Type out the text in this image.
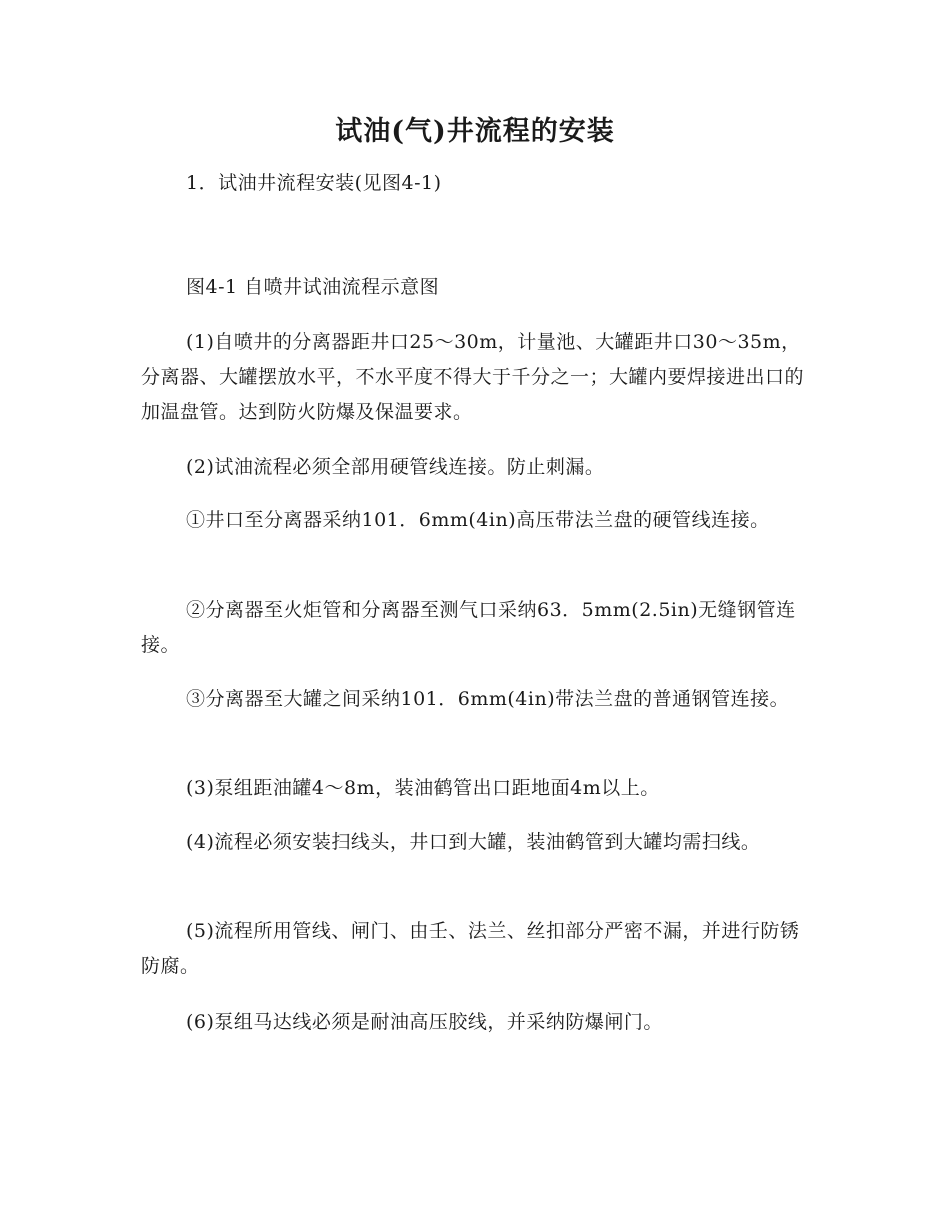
试油(气)井流程的安装

1．试油井流程安装(见图4-1)

图4-1 自喷井试油流程示意图

(1)自喷井的分离器距井口25～30m，计量池、大罐距井口30～35m，分离器、大罐摆放水平，不水平度不得大于千分之一；大罐内要焊接进出口的加温盘管。达到防火防爆及保温要求。

(2)试油流程必须全部用硬管线连接。防止刺漏。

①井口至分离器采纳101．6mm(4in)高压带法兰盘的硬管线连接。

②分离器至火炬管和分离器至测气口采纳63．5mm(2.5in)无缝钢管连接。

③分离器至大罐之间采纳101．6mm(4in)带法兰盘的普通钢管连接。

(3)泵组距油罐4～8m，装油鹤管出口距地面4m以上。

(4)流程必须安装扫线头，井口到大罐，装油鹤管到大罐均需扫线。

(5)流程所用管线、闸门、由壬、法兰、丝扣部分严密不漏，并进行防锈防腐。

(6)泵组马达线必须是耐油高压胶线，并采纳防爆闸门。
